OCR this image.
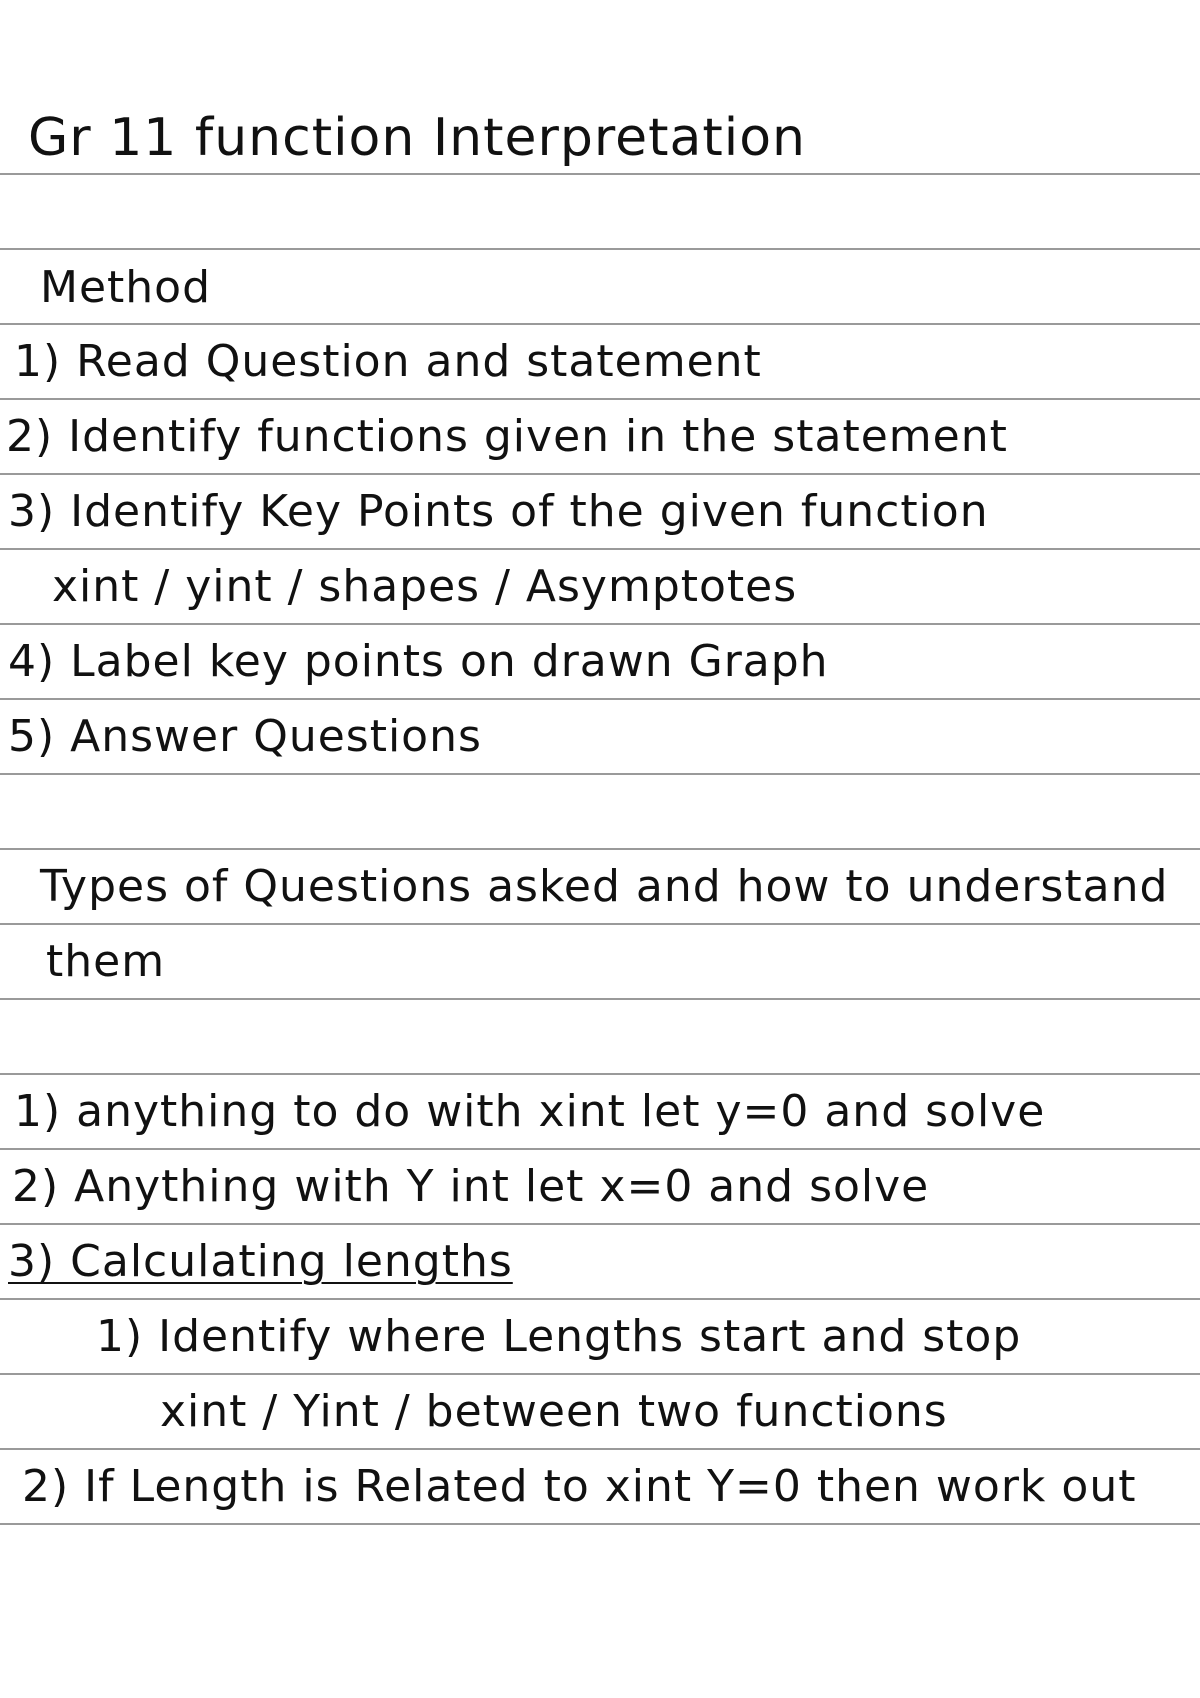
Gr 11 function Interpretation
Method
1) Read Question and statement
2) Identify functions given in the statement
3) Identify Key Points of the given function
xint / yint / shapes / Asymptotes
4) Label key points on drawn Graph
5) Answer Questions
Types of Questions asked and how to understand
them
1) anything to do with xint let y=0 and solve
2) Anything with Y int let x=0 and solve
3) Calculating lengths
1) Identify where Lengths start and stop
xint / Yint / between two functions
2) If Length is Related to xint Y=0 then work out
